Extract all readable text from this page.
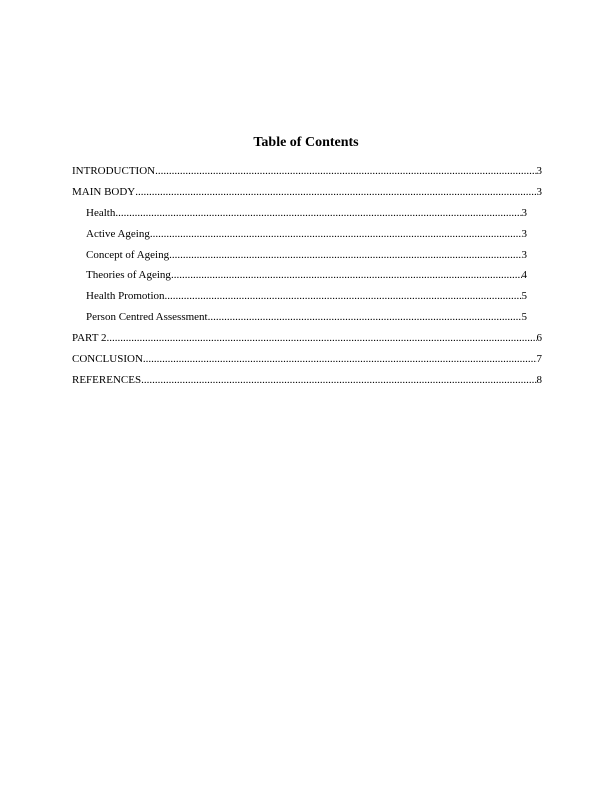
Table of Contents
INTRODUCTION .....	3
MAIN BODY .....	3
Health .....	3
Active Ageing .....	3
Concept of Ageing .....	3
Theories of Ageing .....	4
Health Promotion .....	5
Person Centred Assessment .....	5
PART 2 .....	6
CONCLUSION .....	7
REFERENCES .....	8
